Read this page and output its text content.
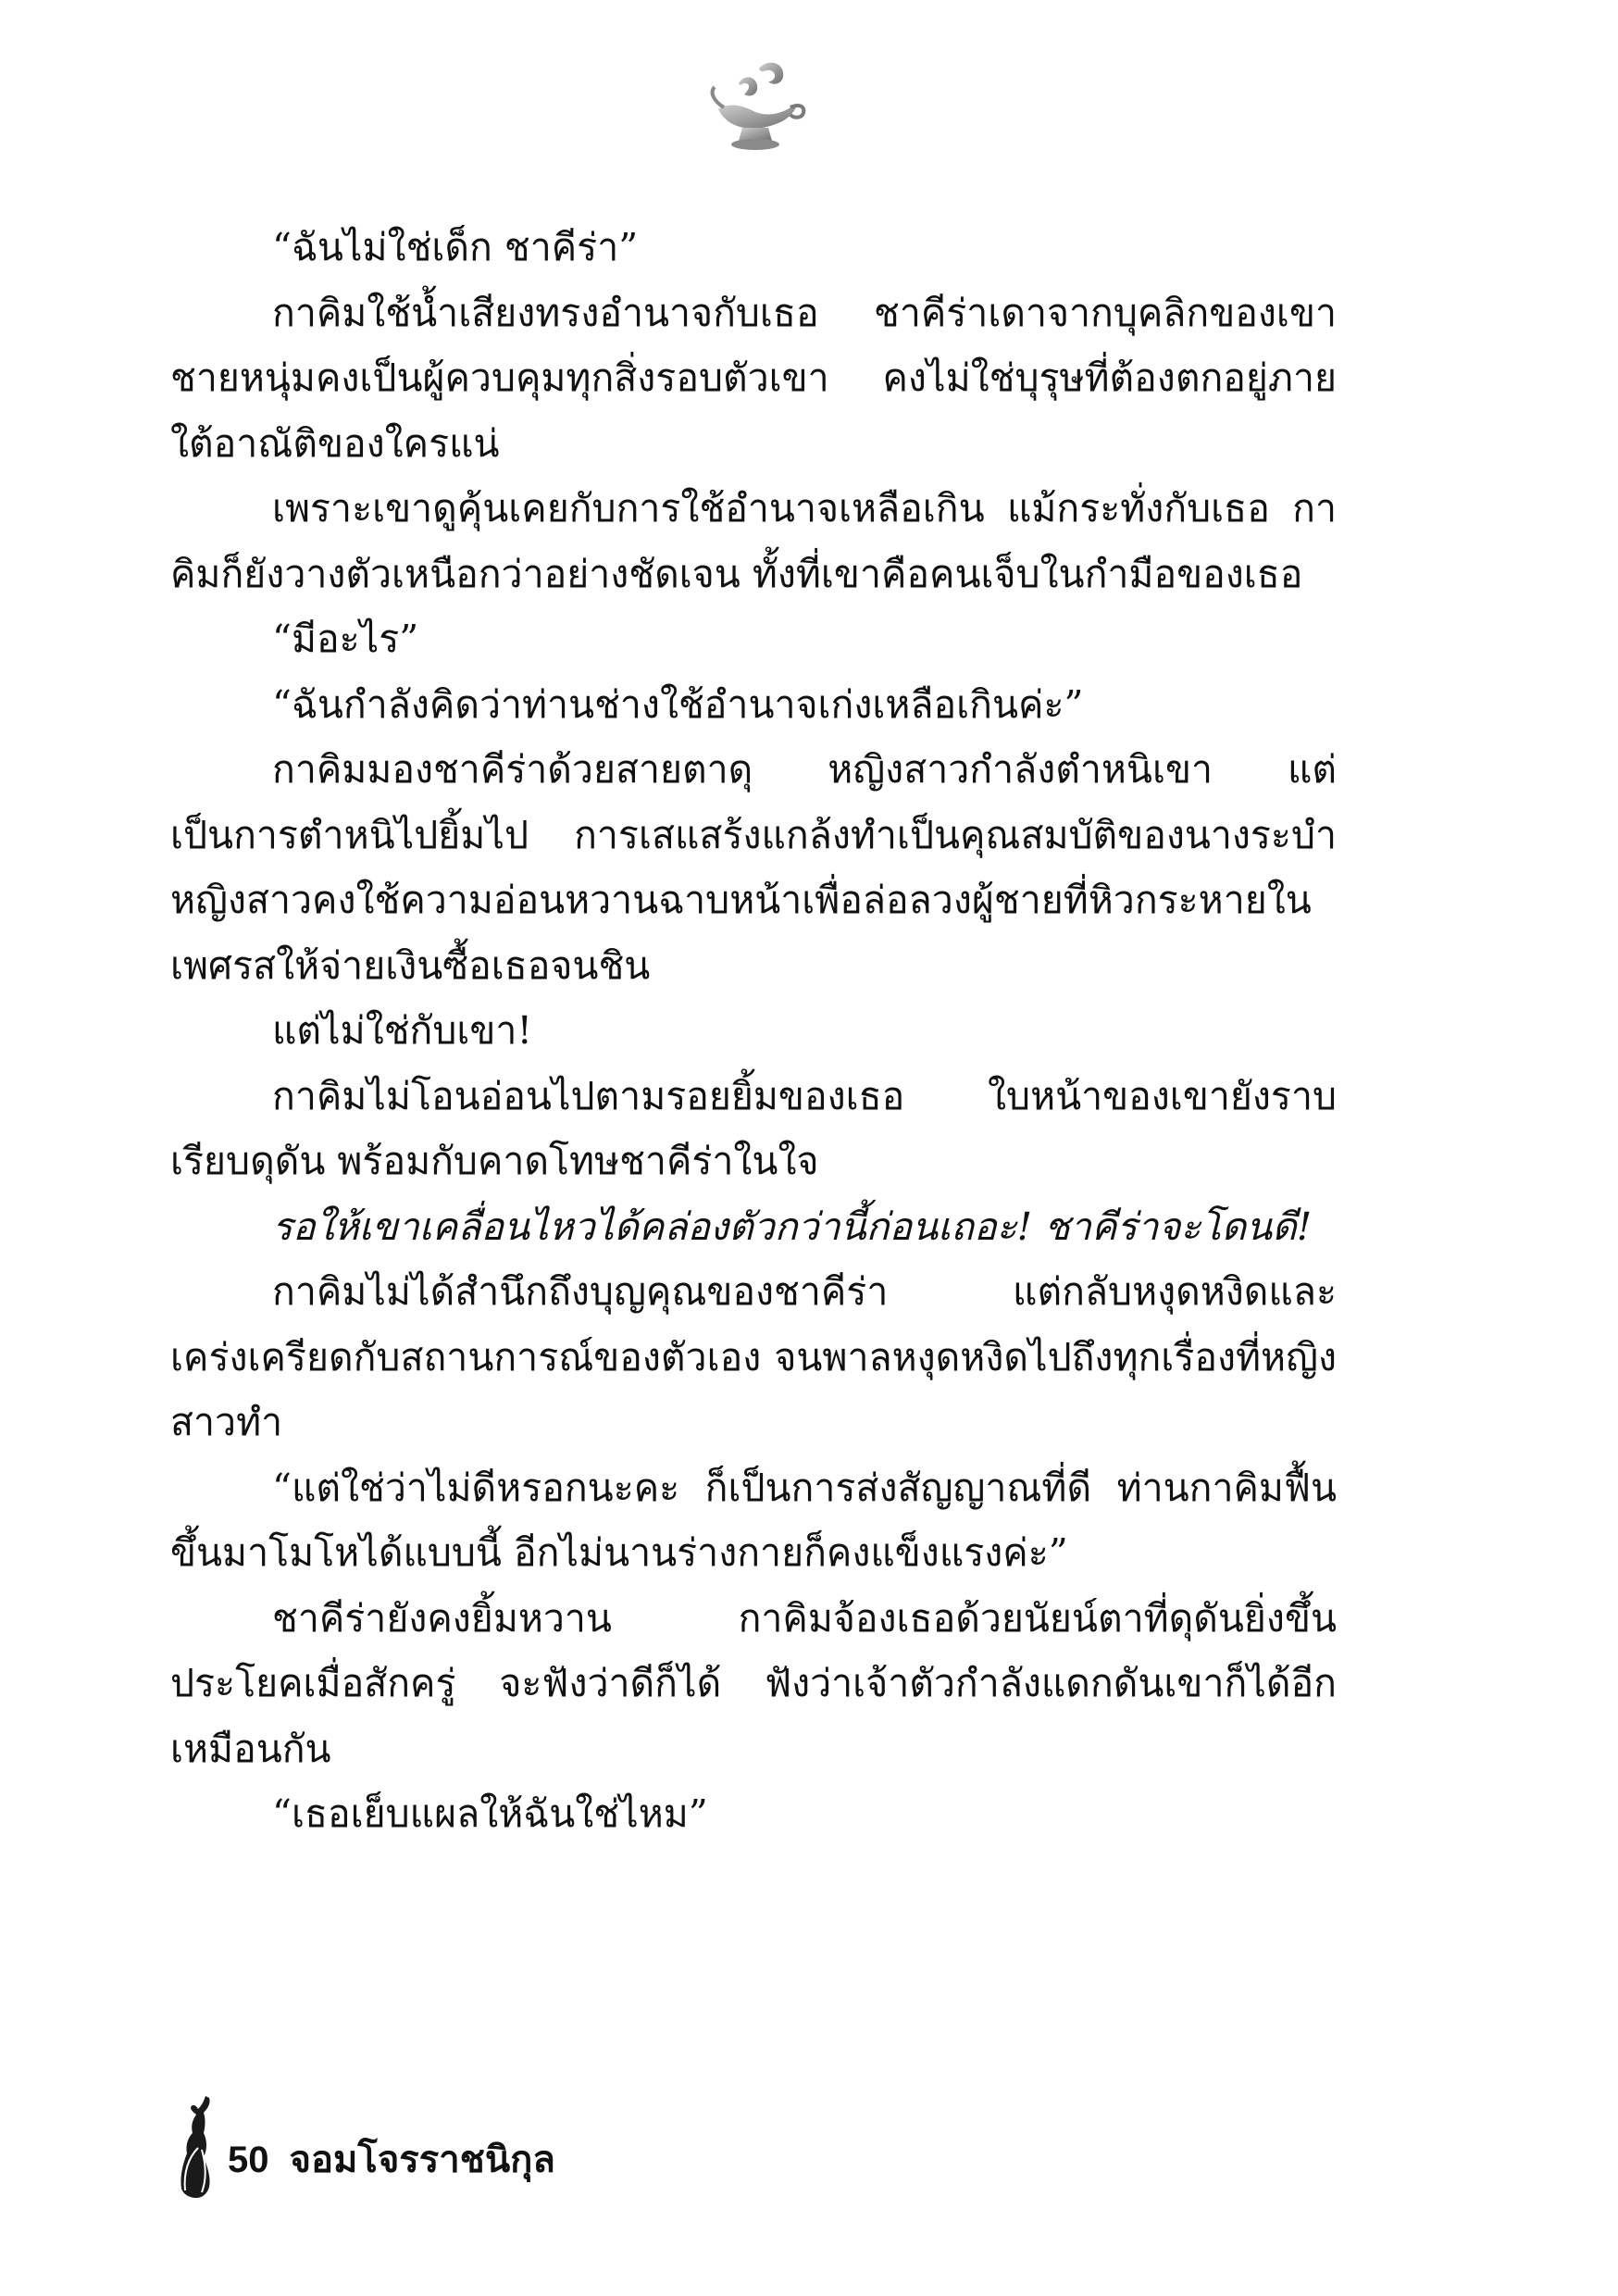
“ฉันไม่ใช่เด็ก ชาคีร่า”

กาคิมใช้น้ำเสียงทรงอำนาจกับเธอ ชาคีร่าเดาจากบุคลิกของเขา ชายหนุ่มคงเป็นผู้ควบคุมทุกสิ่งรอบตัวเขา คงไม่ใช่บุรุษที่ต้องตกอยู่ภายใต้อาณัติของใครแน่

เพราะเขาดูคุ้นเคยกับการใช้อำนาจเหลือเกิน แม้กระทั่งกับเธอ กาคิมก็ยังวางตัวเหนือกว่าอย่างชัดเจน ทั้งที่เขาคือคนเจ็บในกำมือของเธอ

“มีอะไร”

“ฉันกำลังคิดว่าท่านช่างใช้อำนาจเก่งเหลือเกินค่ะ”

กาคิมมองชาคีร่าด้วยสายตาดุ หญิงสาวกำลังตำหนิเขา แต่เป็นการตำหนิไปยิ้มไป การเสแสร้งแกล้งทำเป็นคุณสมบัติของนางระบำ หญิงสาวคงใช้ความอ่อนหวานฉาบหน้าเพื่อล่อลวงผู้ชายที่หิวกระหายในเพศรสให้จ่ายเงินซื้อเธอจนชิน

แต่ไม่ใช่กับเขา!

กาคิมไม่โอนอ่อนไปตามรอยยิ้มของเธอ ใบหน้าของเขายังราบเรียบดุดัน พร้อมกับคาดโทษชาคีร่าในใจ

รอให้เขาเคลื่อนไหวได้คล่องตัวกว่านี้ก่อนเถอะ! ชาคีร่าจะโดนดี!

กาคิมไม่ได้สำนึกถึงบุญคุณของชาคีร่า แต่กลับหงุดหงิดและเคร่งเครียดกับสถานการณ์ของตัวเอง จนพาลหงุดหงิดไปถึงทุกเรื่องที่หญิงสาวทำ

“แต่ใช่ว่าไม่ดีหรอกนะคะ ก็เป็นการส่งสัญญาณที่ดี ท่านกาคิมฟื้นขึ้นมาโมโหได้แบบนี้ อีกไม่นานร่างกายก็คงแข็งแรงค่ะ”

ชาคีร่ายังคงยิ้มหวาน กาคิมจ้องเธอด้วยนัยน์ตาที่ดุดันยิ่งขึ้น ประโยคเมื่อสักครู่ จะฟังว่าดีก็ได้ ฟังว่าเจ้าตัวกำลังแดกดันเขาก็ได้อีกเหมือนกัน

“เธอเย็บแผลให้ฉันใช่ไหม”

50 จอมโจรราชนิกุล
